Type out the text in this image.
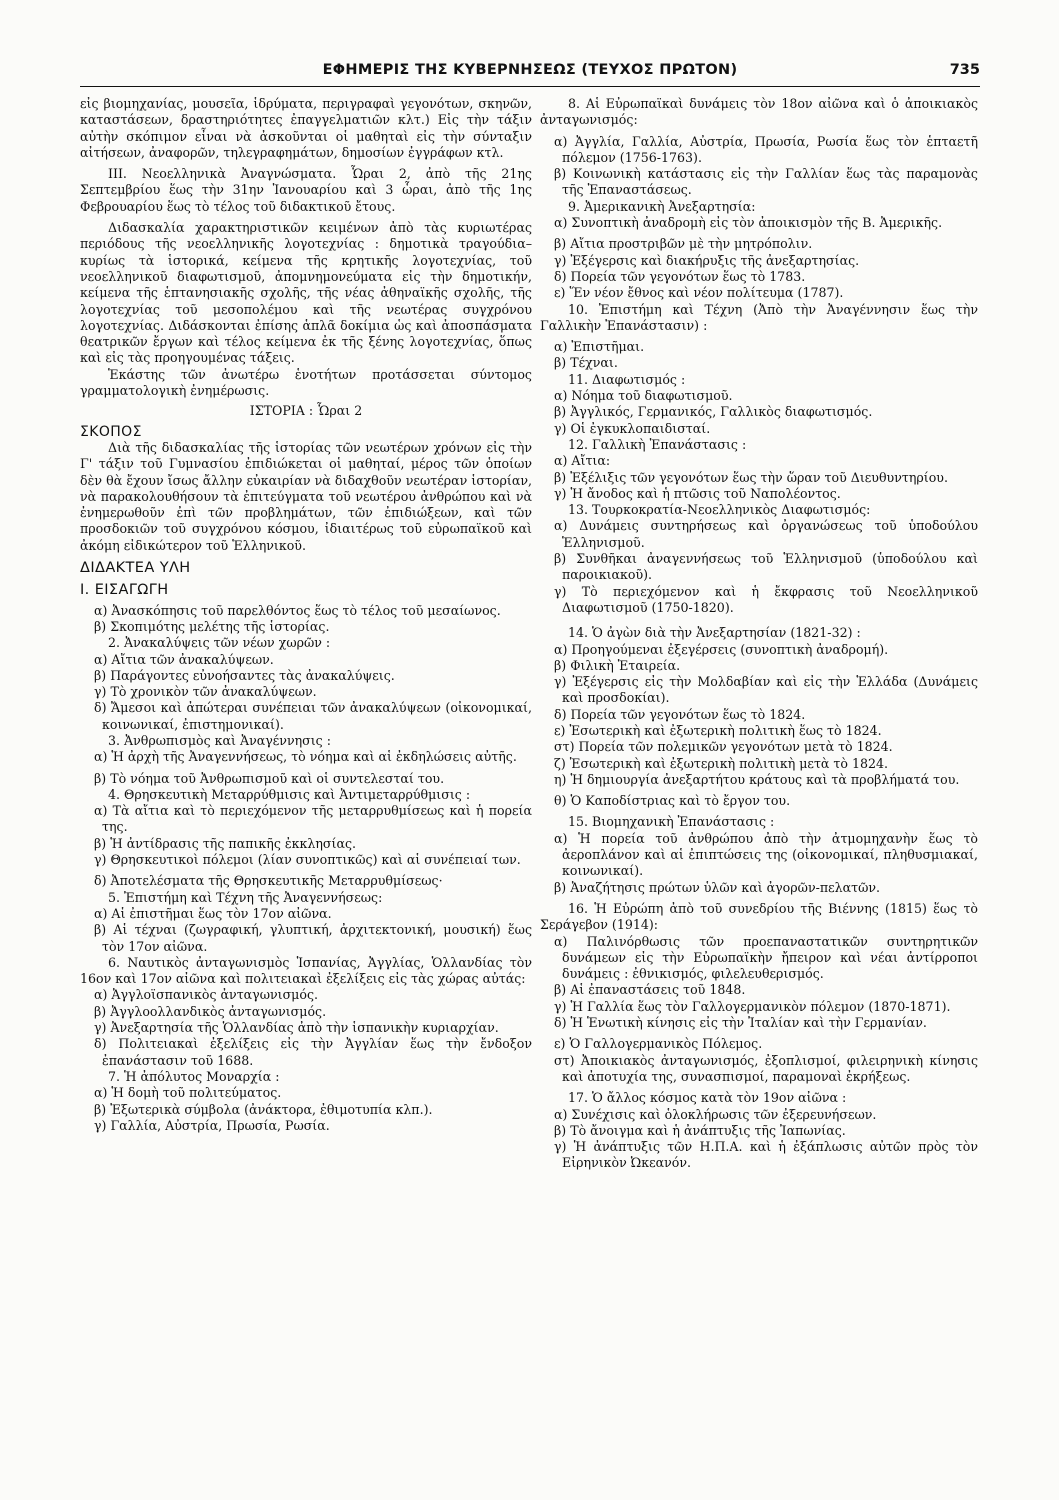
ΕΦΗΜΕΡΙΣ ΤΗΣ ΚΥΒΕΡΝΗΣΕΩΣ (ΤΕΥΧΟΣ ΠΡΩΤΟΝ)	735

εἰς βιομηχανίας, μουσεῖα, ἱδρύματα, περιγραφαὶ γεγονότων, σκηνῶν, καταστάσεων, δραστηριότητες ἐπαγγελματιῶν κλτ.) Εἰς τὴν τάξιν αὐτὴν σκόπιμον εἶναι νὰ ἀσκοῦνται οἱ μαθηταὶ εἰς τὴν σύνταξιν αἰτήσεων, ἀναφορῶν, τηλεγραφημάτων, δημοσίων ἐγγράφων κτλ.

ΙΙΙ. Νεοελληνικὰ Ἀναγνώσματα. Ὧραι 2, ἀπὸ τῆς 21ης Σεπτεμβρίου ἕως τὴν 31ην Ἰανουαρίου καὶ 3 ὧραι, ἀπὸ τῆς 1ης Φεβρουαρίου ἕως τὸ τέλος τοῦ διδακτικοῦ ἔτους.

Διδασκαλία χαρακτηριστικῶν κειμένων ἀπὸ τὰς κυριωτέρας περιόδους τῆς νεοελληνικῆς λογοτεχνίας : δημοτικὰ τραγούδια–κυρίως τὰ ἱστορικά, κείμενα τῆς κρητικῆς λογοτεχνίας, τοῦ νεοελληνικοῦ διαφωτισμοῦ, ἀπομνημονεύματα εἰς τὴν δημοτικήν, κείμενα τῆς ἑπτανησιακῆς σχολῆς, τῆς νέας ἀθηναϊκῆς σχολῆς, τῆς λογοτεχνίας τοῦ μεσοπολέμου καὶ τῆς νεωτέρας συγχρόνου λογοτεχνίας. Διδάσκονται ἐπίσης ἁπλᾶ δοκίμια ὡς καὶ ἀποσπάσματα θεατρικῶν ἔργων καὶ τέλος κείμενα ἐκ τῆς ξένης λογοτεχνίας, ὅπως καὶ εἰς τὰς προηγουμένας τάξεις.

Ἑκάστης τῶν ἀνωτέρω ἑνοτήτων προτάσσεται σύντομος γραμματολογικὴ ἐνημέρωσις.

ΙΣΤΟΡΙΑ : Ὧραι 2

ΣΚΟΠΟΣ

Διὰ τῆς διδασκαλίας τῆς ἱστορίας τῶν νεωτέρων χρόνων εἰς τὴν Γ' τάξιν τοῦ Γυμνασίου ἐπιδιώκεται οἱ μαθηταί, μέρος τῶν ὁποίων δὲν θὰ ἔχουν ἴσως ἄλλην εὐκαιρίαν νὰ διδαχθοῦν νεωτέραν ἱστορίαν, νὰ παρακολουθήσουν τὰ ἐπιτεύγματα τοῦ νεωτέρου ἀνθρώπου καὶ νὰ ἐνημερωθοῦν ἐπὶ τῶν προβλημάτων, τῶν ἐπιδιώξεων, καὶ τῶν προσδοκιῶν τοῦ συγχρόνου κόσμου, ἰδιαιτέρως τοῦ εὐρωπαϊκοῦ καὶ ἀκόμη εἰδικώτερον τοῦ Ἑλληνικοῦ.

ΔΙΔΑΚΤΕΑ ΥΛΗ

Ι. ΕΙΣΑΓΩΓΗ

α) Ἀνασκόπησις τοῦ παρελθόντος ἕως τὸ τέλος τοῦ μεσαίωνος.

β) Σκοπιμότης μελέτης τῆς ἱστορίας.

2. Ἀνακαλύψεις τῶν νέων χωρῶν :

α) Αἴτια τῶν ἀνακαλύψεων.

β) Παράγοντες εὐνοήσαντες τὰς ἀνακαλύψεις.

γ) Τὸ χρονικὸν τῶν ἀνακαλύψεων.

δ) Ἄμεσοι καὶ ἀπώτεραι συνέπειαι τῶν ἀνακαλύψεων (οἰκονομικαί, κοινωνικαί, ἐπιστημονικαί).

3. Ἀνθρωπισμὸς καὶ Ἀναγέννησις :

α) Ἡ ἀρχὴ τῆς Ἀναγεννήσεως, τὸ νόημα καὶ αἱ ἐκδηλώσεις αὐτῆς.

β) Τὸ νόημα τοῦ Ἀνθρωπισμοῦ καὶ οἱ συντελεσταί του.

4. Θρησκευτικὴ Μεταρρύθμισις καὶ Ἀντιμεταρρύθμισις :

α) Τὰ αἴτια καὶ τὸ περιεχόμενον τῆς μεταρρυθμίσεως καὶ ἡ πορεία της.

β) Ἡ ἀντίδρασις τῆς παπικῆς ἐκκλησίας.

γ) Θρησκευτικοὶ πόλεμοι (λίαν συνοπτικῶς) καὶ αἱ συνέπειαί των.

δ) Ἀποτελέσματα τῆς Θρησκευτικῆς Μεταρρυθμίσεως·

5. Ἐπιστήμη καὶ Τέχνη τῆς Ἀναγεννήσεως:

α) Αἱ ἐπιστῆμαι ἕως τὸν 17ον αἰῶνα.

β) Αἱ τέχναι (ζωγραφική, γλυπτική, ἀρχιτεκτονική, μουσική) ἕως τὸν 17ον αἰῶνα.

6. Ναυτικὸς ἀνταγωνισμὸς Ἱσπανίας, Ἀγγλίας, Ὁλλανδίας τὸν 16ον καὶ 17ον αἰῶνα καὶ πολιτειακαὶ ἐξελίξεις εἰς τὰς χώρας αὐτάς:

α) Ἀγγλοϊσπανικὸς ἀνταγωνισμός.

β) Ἀγγλοολλανδικὸς ἀνταγωνισμός.

γ) Ἀνεξαρτησία τῆς Ὁλλανδίας ἀπὸ τὴν ἱσπανικὴν κυριαρχίαν.

δ) Πολιτειακαὶ ἐξελίξεις εἰς τὴν Ἀγγλίαν ἕως τὴν ἔνδοξον ἐπανάστασιν τοῦ 1688.

7. Ἡ ἀπόλυτος Μοναρχία :

α) Ἡ δομὴ τοῦ πολιτεύματος.

β) Ἐξωτερικὰ σύμβολα (ἀνάκτορα, ἐθιμοτυπία κλπ.).

γ) Γαλλία, Αὐστρία, Πρωσία, Ρωσία.

8. Αἱ Εὐρωπαϊκαὶ δυνάμεις τὸν 18ον αἰῶνα καὶ ὁ ἀποικιακὸς ἀνταγωνισμός:

α) Ἀγγλία, Γαλλία, Αὐστρία, Πρωσία, Ρωσία ἕως τὸν ἑπταετῆ πόλεμον (1756-1763).

β) Κοινωνικὴ κατάστασις εἰς τὴν Γαλλίαν ἕως τὰς παραμονὰς τῆς Ἐπαναστάσεως.

9. Ἀμερικανικὴ Ἀνεξαρτησία:

α) Συνοπτικὴ ἀναδρομὴ εἰς τὸν ἀποικισμὸν τῆς Β. Ἀμερικῆς.

β) Αἴτια προστριβῶν μὲ τὴν μητρόπολιν.

γ) Ἐξέγερσις καὶ διακήρυξις τῆς ἀνεξαρτησίας.

δ) Πορεία τῶν γεγονότων ἕως τὸ 1783.

ε) Ἕν νέον ἔθνος καὶ νέον πολίτευμα (1787).

10. Ἐπιστήμη καὶ Τέχνη (Ἀπὸ τὴν Ἀναγέννησιν ἕως τὴν Γαλλικὴν Ἐπανάστασιν) :

α) Ἐπιστῆμαι.

β) Τέχναι.

11. Διαφωτισμός :

α) Νόημα τοῦ διαφωτισμοῦ.

β) Ἀγγλικός, Γερμανικός, Γαλλικὸς διαφωτισμός.

γ) Οἱ ἐγκυκλοπαιδισταί.

12. Γαλλικὴ Ἐπανάστασις :

α) Αἴτια:

β) Ἐξέλιξις τῶν γεγονότων ἕως τὴν ὥραν τοῦ Διευθυντηρίου.

γ) Ἡ ἄνοδος καὶ ἡ πτῶσις τοῦ Ναπολέοντος.

13. Τουρκοκρατία-Νεοελληνικὸς Διαφωτισμός:

α) Δυνάμεις συντηρήσεως καὶ ὀργανώσεως τοῦ ὑποδούλου Ἑλληνισμοῦ.

β) Συνθῆκαι ἀναγεννήσεως τοῦ Ἑλληνισμοῦ (ὑποδούλου καὶ παροικιακοῦ).

γ) Τὸ περιεχόμενον καὶ ἡ ἔκφρασις τοῦ Νεοελληνικοῦ Διαφωτισμοῦ (1750-1820).

14. Ὁ ἀγὼν διὰ τὴν Ἀνεξαρτησίαν (1821-32) :

α) Προηγούμεναι ἐξεγέρσεις (συνοπτικὴ ἀναδρομή).

β) Φιλικὴ Ἑταιρεία.

γ) Ἐξέγερσις εἰς τὴν Μολδαβίαν καὶ εἰς τὴν Ἑλλάδα (Δυνάμεις καὶ προσδοκίαι).

δ) Πορεία τῶν γεγονότων ἕως τὸ 1824.

ε) Ἐσωτερικὴ καὶ ἐξωτερικὴ πολιτικὴ ἕως τὸ 1824.

στ) Πορεία τῶν πολεμικῶν γεγονότων μετὰ τὸ 1824.

ζ) Ἐσωτερικὴ καὶ ἐξωτερικὴ πολιτικὴ μετὰ τὸ 1824.

η) Ἡ δημιουργία ἀνεξαρτήτου κράτους καὶ τὰ προβλήματά του.

θ) Ὁ Καποδίστριας καὶ τὸ ἔργον του.

15. Βιομηχανικὴ Ἐπανάστασις :

α) Ἡ πορεία τοῦ ἀνθρώπου ἀπὸ τὴν ἀτμομηχανὴν ἕως τὸ ἀεροπλάνον καὶ αἱ ἐπιπτώσεις της (οἰκονομικαί, πληθυσμιακαί, κοινωνικαί).

β) Ἀναζήτησις πρώτων ὑλῶν καὶ ἀγορῶν-πελατῶν.

16. Ἡ Εὐρώπη ἀπὸ τοῦ συνεδρίου τῆς Βιέννης (1815) ἕως τὸ Σεράγεβον (1914):

α) Παλινόρθωσις τῶν προεπαναστατικῶν συντηρητικῶν δυνάμεων εἰς τὴν Εὐρωπαϊκὴν ἤπειρον καὶ νέαι ἀντίρροποι δυνάμεις : ἐθνικισμός, φιλελευθερισμός.

β) Αἱ ἐπαναστάσεις τοῦ 1848.

γ) Ἡ Γαλλία ἕως τὸν Γαλλογερμανικὸν πόλεμον (1870-1871).

δ) Ἡ Ἑνωτικὴ κίνησις εἰς τὴν Ἰταλίαν καὶ τὴν Γερμανίαν.

ε) Ὁ Γαλλογερμανικὸς Πόλεμος.

στ) Ἀποικιακὸς ἀνταγωνισμός, ἐξοπλισμοί, φιλειρηνικὴ κίνησις καὶ ἀποτυχία της, συνασπισμοί, παραμοναὶ ἐκρήξεως.

17. Ὁ ἄλλος κόσμος κατὰ τὸν 19ον αἰῶνα :

α) Συνέχισις καὶ ὁλοκλήρωσις τῶν ἐξερευνήσεων.

β) Τὸ ἄνοιγμα καὶ ἡ ἀνάπτυξις τῆς Ἰαπωνίας.

γ) Ἡ ἀνάπτυξις τῶν Η.Π.Α. καὶ ἡ ἐξάπλωσις αὐτῶν πρὸς τὸν Εἰρηνικὸν Ὠκεανόν.
